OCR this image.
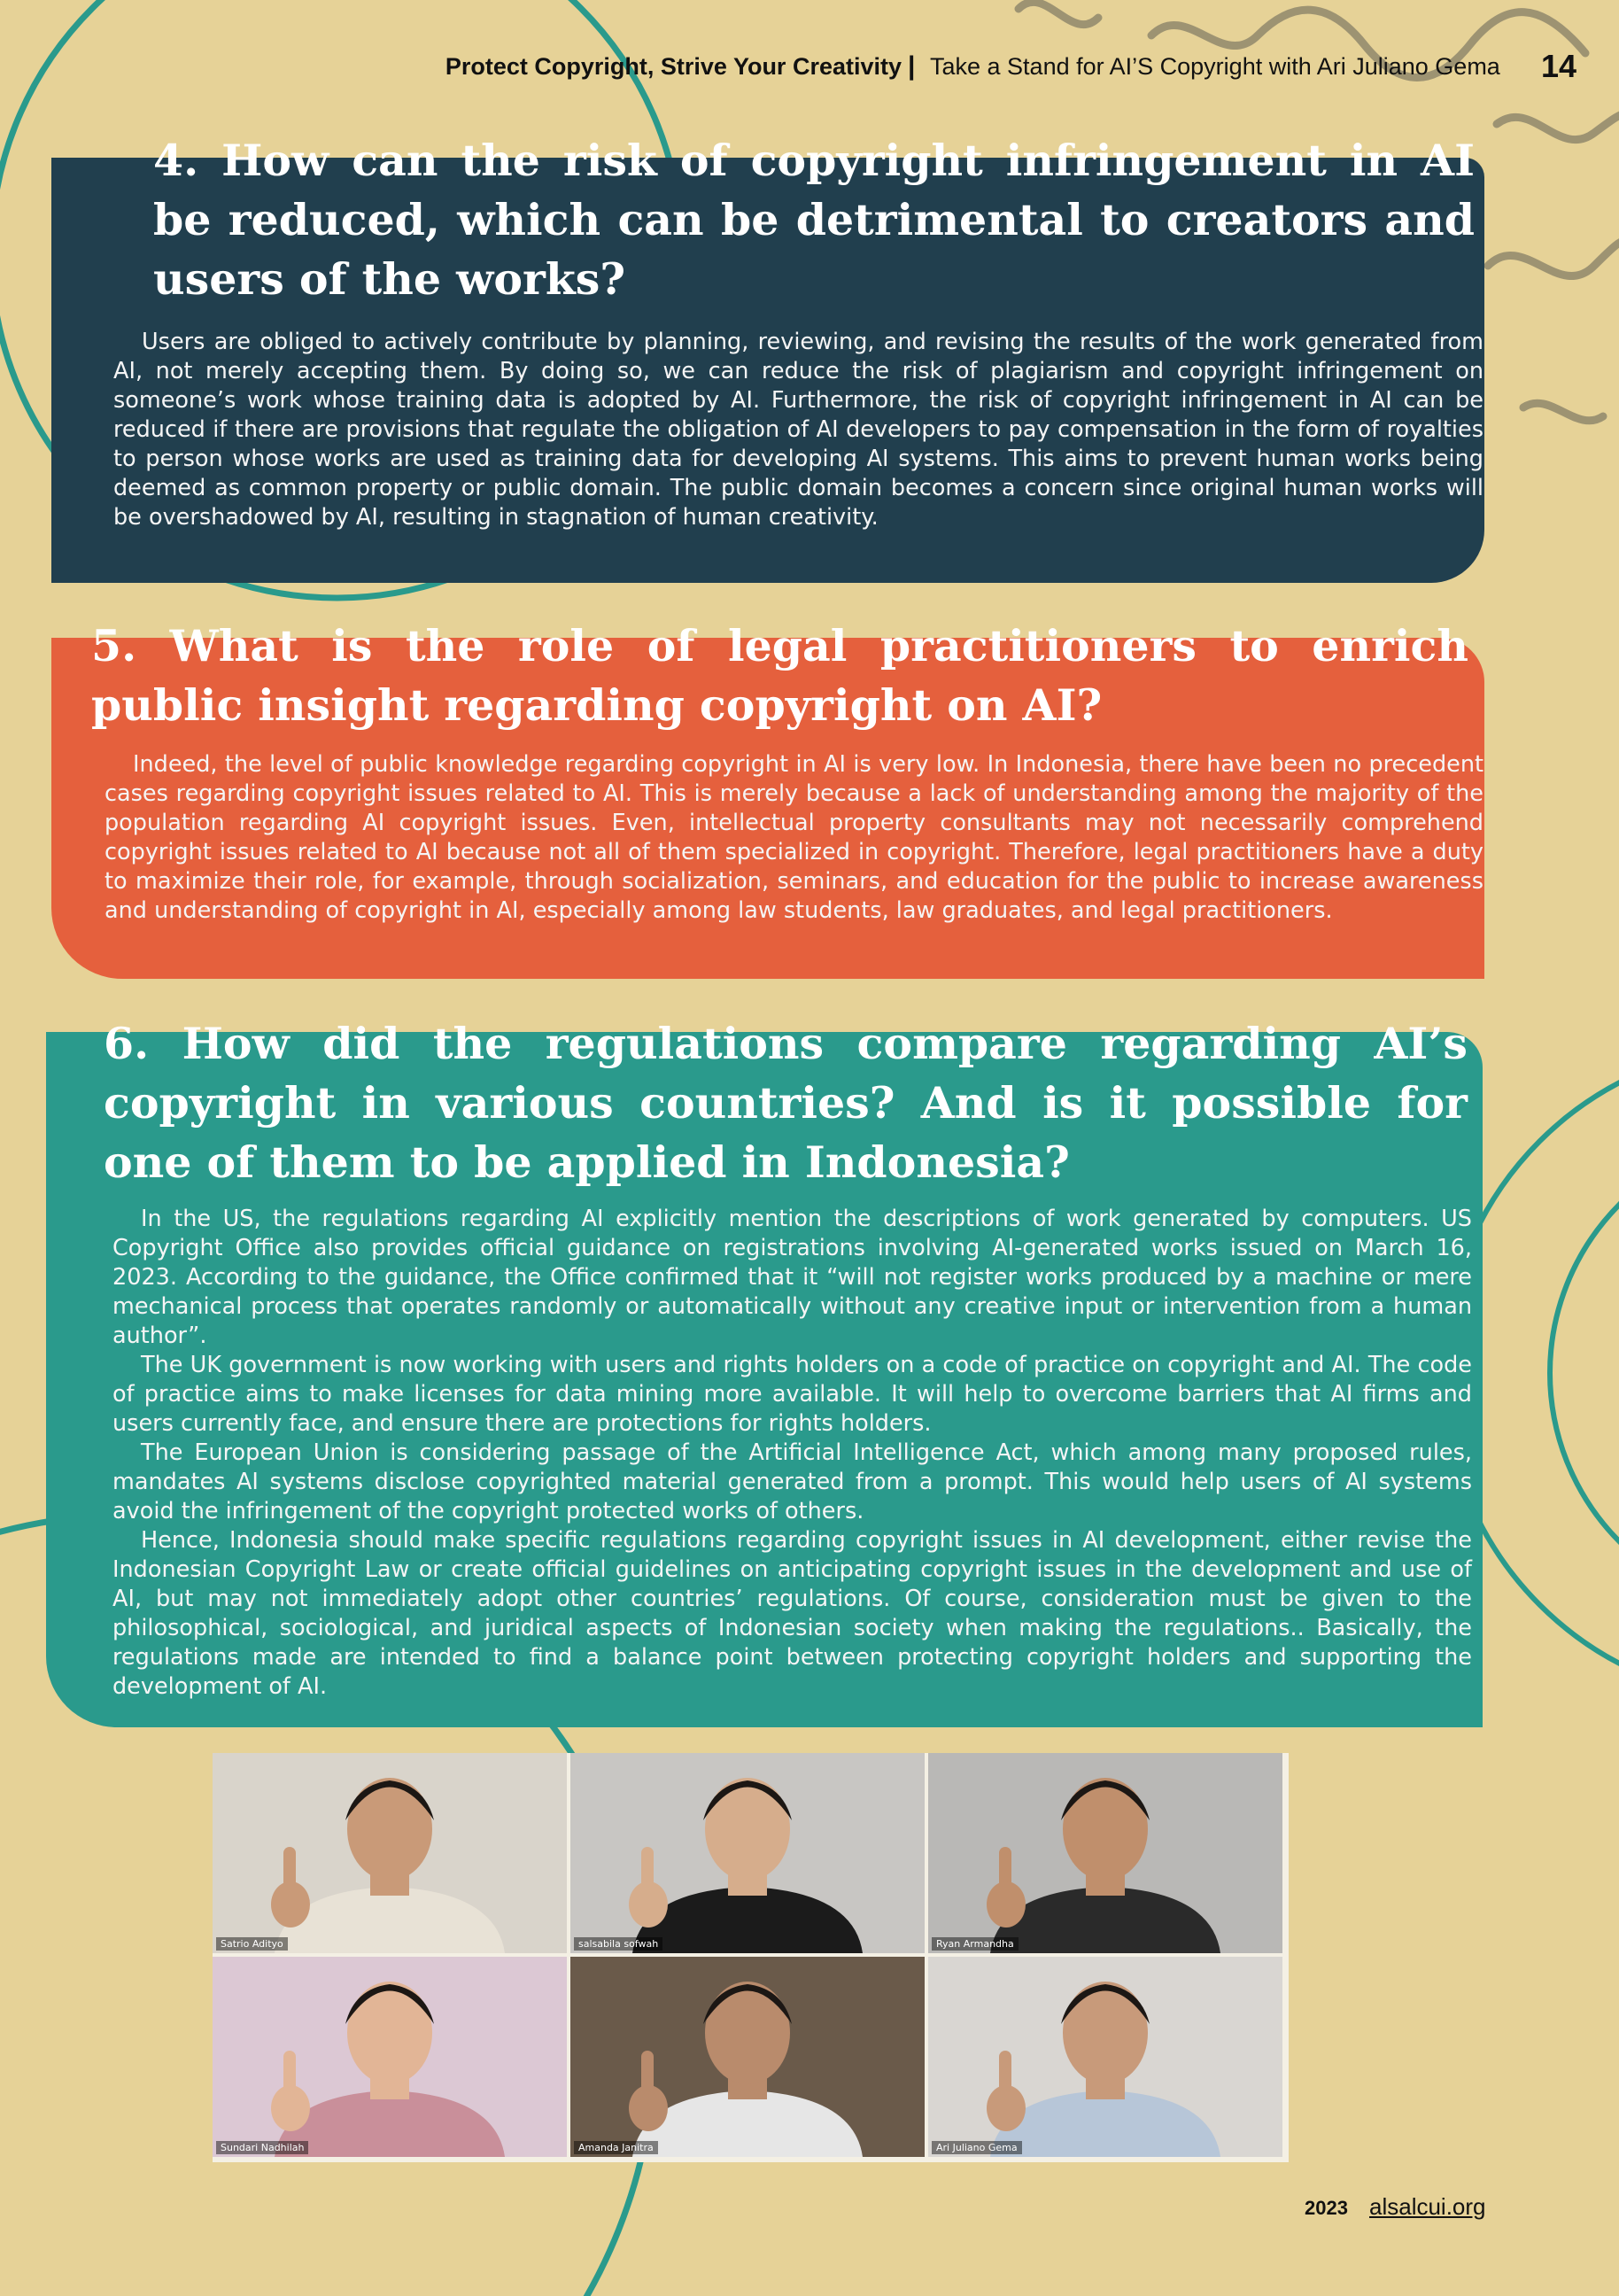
Protect Copyright, Strive Your Creativity | Take a Stand for AI’S Copyright with Ari Juliano Gema 14
4. How can the risk of copyright infringement in AI be reduced, which can be detrimental to creators and users of the works?

Users are obliged to actively contribute by planning, reviewing, and revising the results of the work generated from AI, not merely accepting them. By doing so, we can reduce the risk of plagiarism and copyright infringement on someone’s work whose training data is adopted by AI. Furthermore, the risk of copyright infringement in AI can be reduced if there are provisions that regulate the obligation of AI developers to pay compensation in the form of royalties to person whose works are used as training data for developing AI systems. This aims to prevent human works being deemed as common property or public domain. The public domain becomes a concern since original human works will be overshadowed by AI, resulting in stagnation of human creativity.

5. What is the role of legal practitioners to enrich public insight regarding copyright on AI?

Indeed, the level of public knowledge regarding copyright in AI is very low. In Indonesia, there have been no precedent cases regarding copyright issues related to AI. This is merely because a lack of understanding among the majority of the population regarding AI copyright issues. Even, intellectual property consultants may not necessarily comprehend copyright issues related to AI because not all of them specialized in copyright. Therefore, legal practitioners have a duty to maximize their role, for example, through socialization, seminars, and education for the public to increase awareness and understanding of copyright in AI, especially among law students, law graduates, and legal practitioners.

6. How did the regulations compare regarding AI’s copyright in various countries? And is it possible for one of them to be applied in Indonesia?

In the US, the regulations regarding AI explicitly mention the descriptions of work generated by computers. US Copyright Office also provides official guidance on registrations involving AI-generated works issued on March 16, 2023. According to the guidance, the Office confirmed that it “will not register works produced by a machine or mere mechanical process that operates randomly or automatically without any creative input or intervention from a human author”.

The UK government is now working with users and rights holders on a code of practice on copyright and AI. The code of practice aims to make licenses for data mining more available. It will help to overcome barriers that AI firms and users currently face, and ensure there are protections for rights holders.

The European Union is considering passage of the Artificial Intelligence Act, which among many proposed rules, mandates AI systems disclose copyrighted material generated from a prompt. This would help users of AI systems avoid the infringement of the copyright protected works of others.

Hence, Indonesia should make specific regulations regarding copyright issues in AI development, either revise the Indonesian Copyright Law or create official guidelines on anticipating copyright issues in the development and use of AI, but may not immediately adopt other countries’ regulations. Of course, consideration must be given to the philosophical, sociological, and juridical aspects of Indonesian society when making the regulations.. Basically, the regulations made are intended to find a balance point between protecting copyright holders and supporting the development of AI.

Satrio Adityo	salsabila sofwah	Ryan Armandha
Sundari Nadhilah	Amanda Janitra	Ari Juliano Gema
2023 alsalcui.org
